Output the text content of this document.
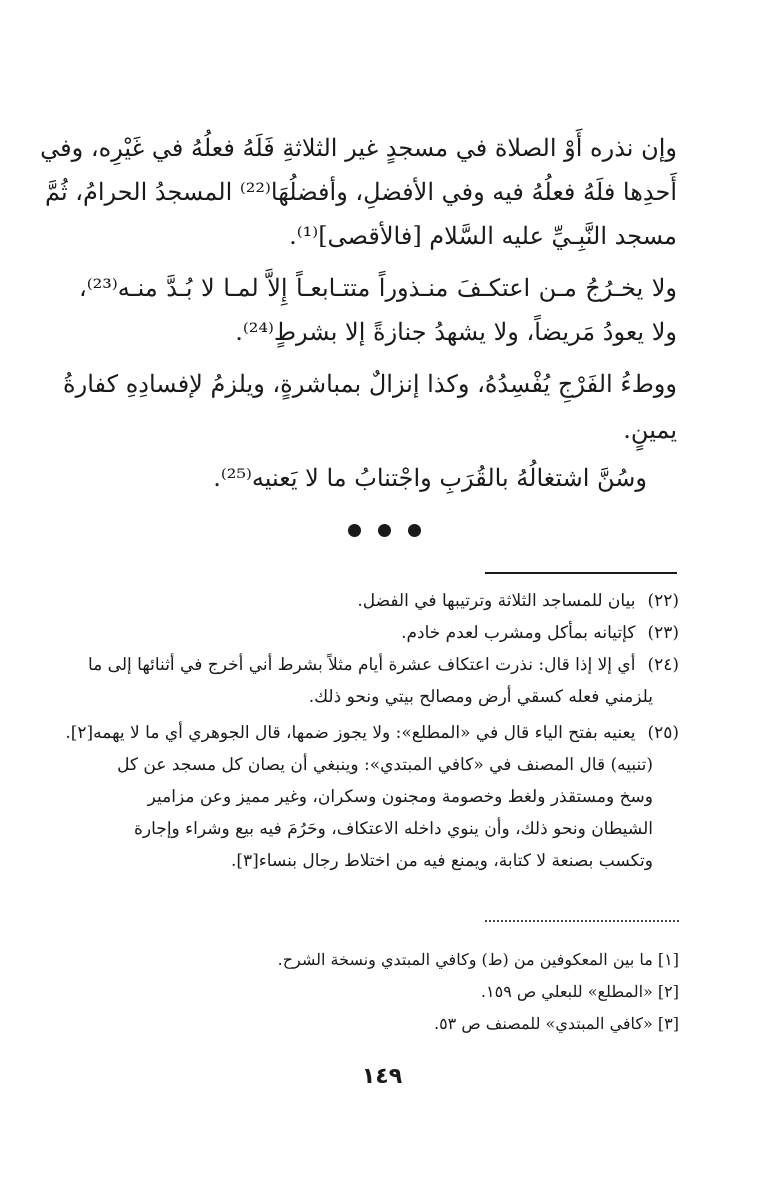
وإن نذره أَوْ الصلاة في مسجدٍ غير الثلاثةِ فَلَهُ فعلُهُ في غَيْرِه، وفي
أَحدِها فلَهُ فعلُهُ فيه وفي الأفضلِ، وأفضلُهَا⁽²²⁾ المسجدُ الحرامُ، ثُمَّ
مسجد النَّبِـيِّ عليه السَّلام [فالأقصى]⁽¹⁾.
ولا يخـرُجُ مـن اعتكـفَ منـذوراً متتـابعـاً إِلاَّ لمـا لا بُـدَّ منـه⁽²³⁾،
ولا يعودُ مَريضاً، ولا يشهدُ جنازةً إلا بشرطٍ⁽²⁴⁾.
ووطءُ الفَرْجِ يُفْسِدُهُ، وكذا إنزالٌ بمباشرةٍ، ويلزمُ لإفسادِهِ كفارةُ
يمينٍ.
وسُنَّ اشتغالُهُ بالقُرَبِ واجْتنابُ ما لا يَعنيه⁽²⁵⁾.
(٢٢)بيان للمساجد الثلاثة وترتيبها في الفضل.
(٢٣)كإتيانه بمأكل ومشرب لعدم خادم.
(٢٤)أي إلا إذا قال: نذرت اعتكاف عشرة أيام مثلاً بشرط أني أخرج في أثنائها إلى ما
يلزمني فعله كسقي أرض ومصالح بيتي ونحو ذلك.
(٢٥)يعنيه بفتح الياء قال في «المطلع»: ولا يجوز ضمها، قال الجوهري أي ما لا يهمه[٢].
(تنبيه) قال المصنف في «كافي المبتدي»: وينبغي أن يصان كل مسجد عن كل
وسخ ومستقذر ولغط وخصومة ومجنون وسكران، وغير مميز وعن مزامير
الشيطان ونحو ذلك، وأن ينوي داخله الاعتكاف، وحَرُمَ فيه بيع وشراء وإجارة
وتكسب بصنعة لا كتابة، ويمنع فيه من اختلاط رجال بنساء[٣].
[١] ما بين المعكوفين من (ط) وكافي المبتدي ونسخة الشرح.
[٢] «المطلع» للبعلي ص ١٥٩.
[٣] «كافي المبتدي» للمصنف ص ٥٣.
١٤٩
